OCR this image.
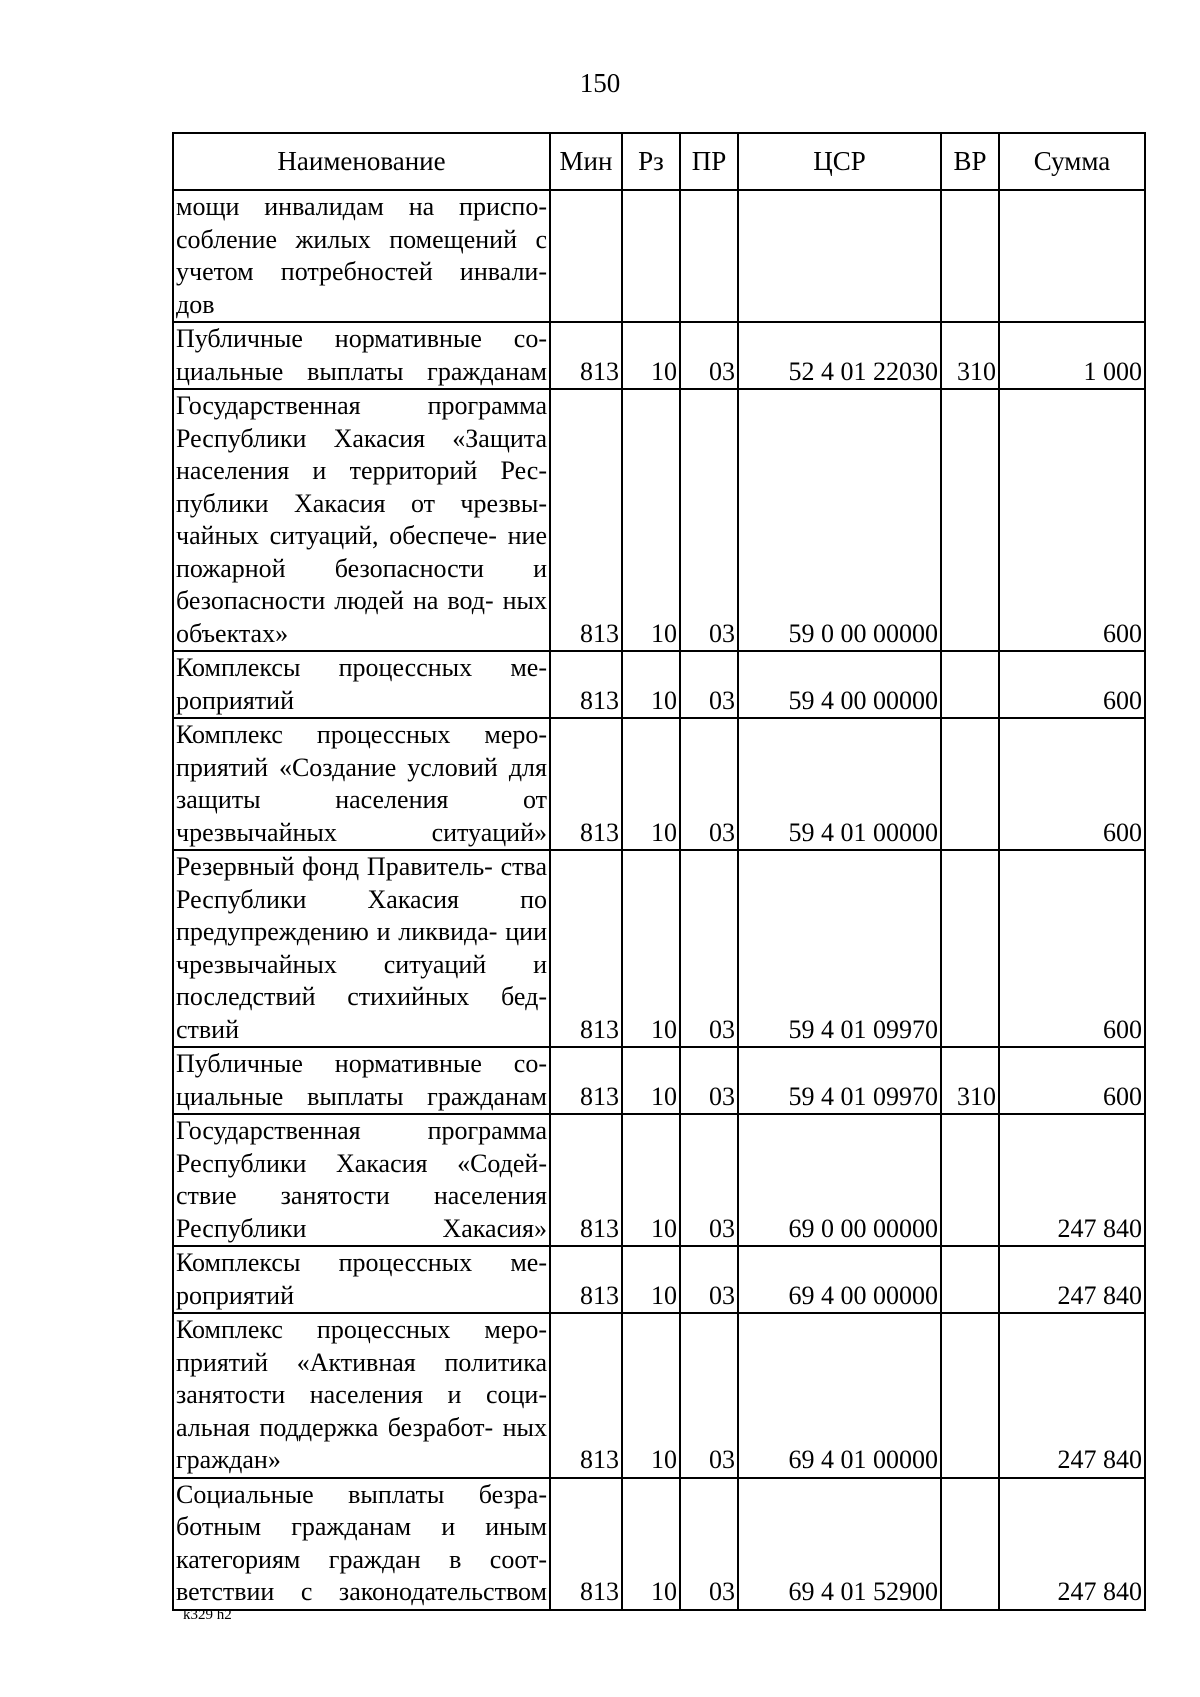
150
Наименование	Мин	Рз	ПР	ЦСР	ВР	Сумма
мощи инвалидам на приспо- собление жилых помещений с учетом потребностей инвали- дов						
Публичные нормативные со- циальные выплаты гражданам	813	10	03	52 4 01 22030	310	1 000
Государственная программа Республики Хакасия «Защита населения и территорий Рес- публики Хакасия от чрезвы- чайных ситуаций, обеспече- ние пожарной безопасности и безопасности людей на вод- ных объектах»	813	10	03	59 0 00 00000		600
Комплексы процессных ме- роприятий	813	10	03	59 4 00 00000		600
Комплекс процессных меро- приятий «Создание условий для защиты населения от чрезвычайных ситуаций»	813	10	03	59 4 01 00000		600
Резервный фонд Правитель- ства Республики Хакасия по предупреждению и ликвида- ции чрезвычайных ситуаций и последствий стихийных бед- ствий	813	10	03	59 4 01 09970		600
Публичные нормативные со- циальные выплаты гражданам	813	10	03	59 4 01 09970	310	600
Государственная программа Республики Хакасия «Содей- ствие занятости населения Республики Хакасия»	813	10	03	69 0 00 00000		247 840
Комплексы процессных ме- роприятий	813	10	03	69 4 00 00000		247 840
Комплекс процессных меро- приятий «Активная политика занятости населения и соци- альная поддержка безработ- ных граждан»	813	10	03	69 4 01 00000		247 840
Социальные выплаты безра- ботным гражданам и иным категориям граждан в соот- ветствии с законодательством	813	10	03	69 4 01 52900		247 840
k329 h2
